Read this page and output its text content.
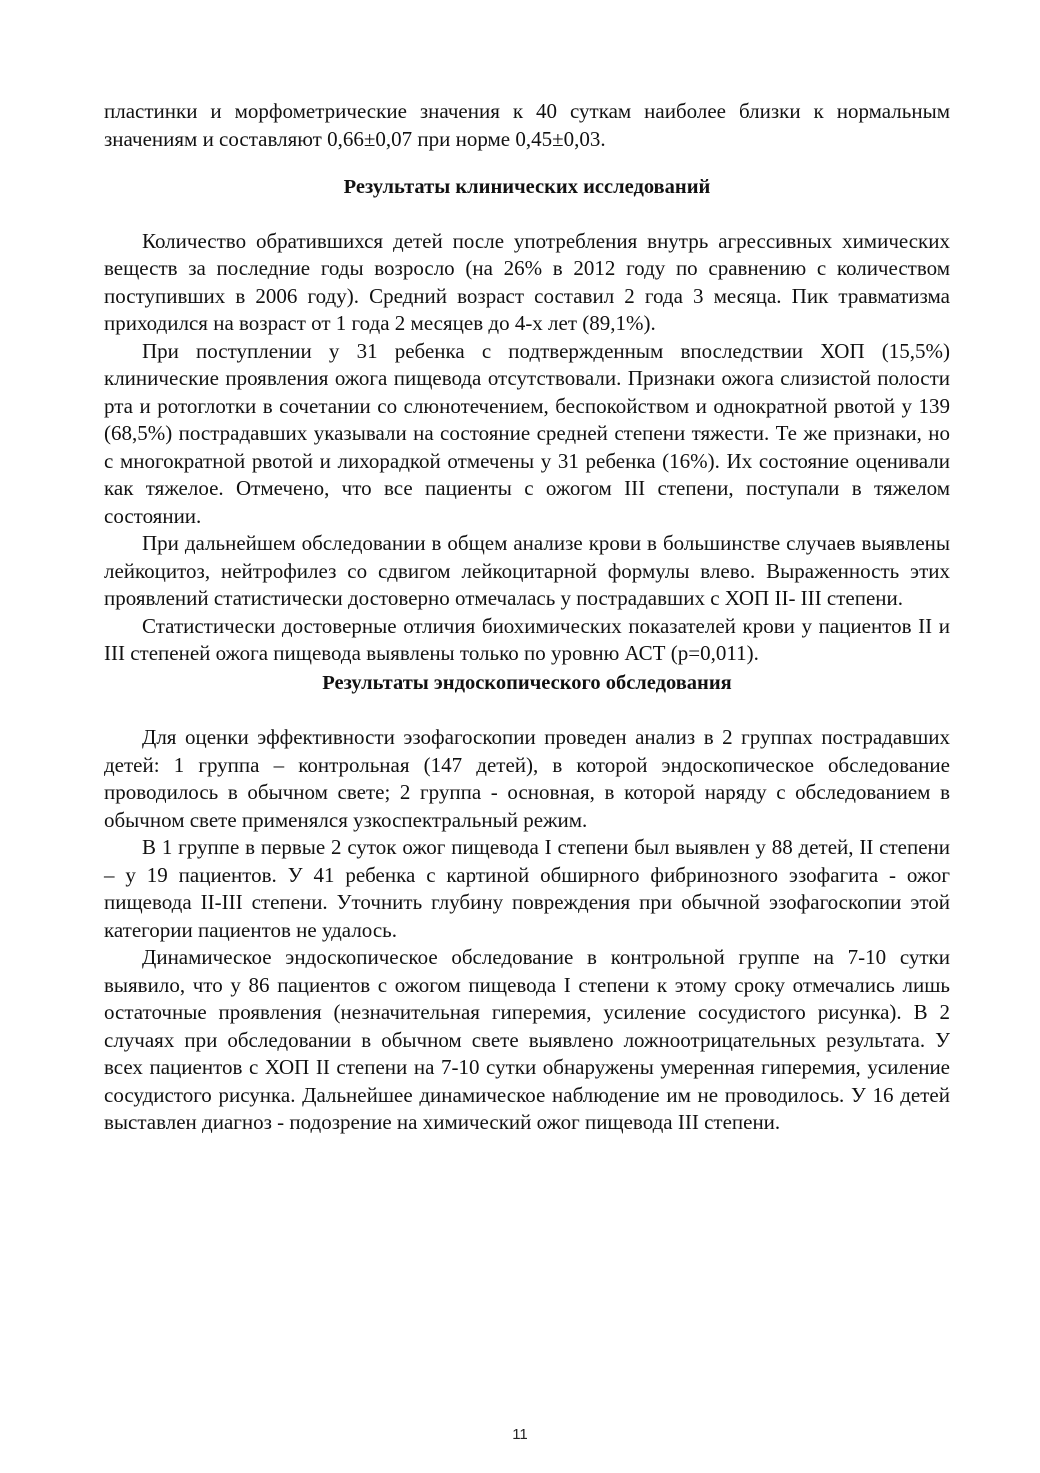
пластинки и морфометрические значения к 40 суткам наиболее близки к нормальным значениям и составляют 0,66±0,07 при норме 0,45±0,03.

Результаты клинических исследований

Количество обратившихся детей после употребления внутрь агрессивных химических веществ за последние годы возросло (на 26% в 2012 году по сравнению с количеством поступивших в 2006 году). Средний возраст составил 2 года 3 месяца. Пик травматизма приходился на возраст от 1 года 2 месяцев до 4-х лет (89,1%).

При поступлении у 31 ребенка с подтвержденным впоследствии ХОП (15,5%) клинические проявления ожога пищевода отсутствовали. Признаки ожога слизистой полости рта и ротоглотки в сочетании со слюнотечением, беспокойством и однократной рвотой у 139 (68,5%) пострадавших указывали на состояние средней степени тяжести. Те же признаки, но с многократной рвотой и лихорадкой отмечены у 31 ребенка (16%). Их состояние оценивали как тяжелое. Отмечено, что все пациенты с ожогом III степени, поступали в тяжелом состоянии.

При дальнейшем обследовании в общем анализе крови в большинстве случаев выявлены лейкоцитоз, нейтрофилез со сдвигом лейкоцитарной формулы влево. Выраженность этих проявлений статистически достоверно отмечалась у пострадавших с ХОП II- III степени.

Статистически достоверные отличия биохимических показателей крови у пациентов II и III степеней ожога пищевода выявлены только по уровню АСТ (р=0,011).

Результаты эндоскопического обследования

Для оценки эффективности эзофагоскопии проведен анализ в 2 группах пострадавших детей: 1 группа – контрольная (147 детей), в которой эндоскопическое обследование проводилось в обычном свете; 2 группа - основная, в которой наряду с обследованием в обычном свете применялся узкоспектральный режим.

В 1 группе в первые 2 суток ожог пищевода I степени был выявлен у 88 детей, II степени – у 19 пациентов. У 41 ребенка с картиной обширного фибринозного эзофагита - ожог пищевода II-III степени. Уточнить глубину повреждения при обычной эзофагоскопии этой категории пациентов не удалось.

Динамическое эндоскопическое обследование в контрольной группе на 7-10 сутки выявило, что у 86 пациентов с ожогом пищевода I степени к этому сроку отмечались лишь остаточные проявления (незначительная гиперемия, усиление сосудистого рисунка). В 2 случаях при обследовании в обычном свете выявлено ложноотрицательных результата. У всех пациентов с ХОП II степени на 7-10 сутки обнаружены умеренная гиперемия, усиление сосудистого рисунка. Дальнейшее динамическое наблюдение им не проводилось. У 16 детей выставлен диагноз - подозрение на химический ожог пищевода III степени.

11
